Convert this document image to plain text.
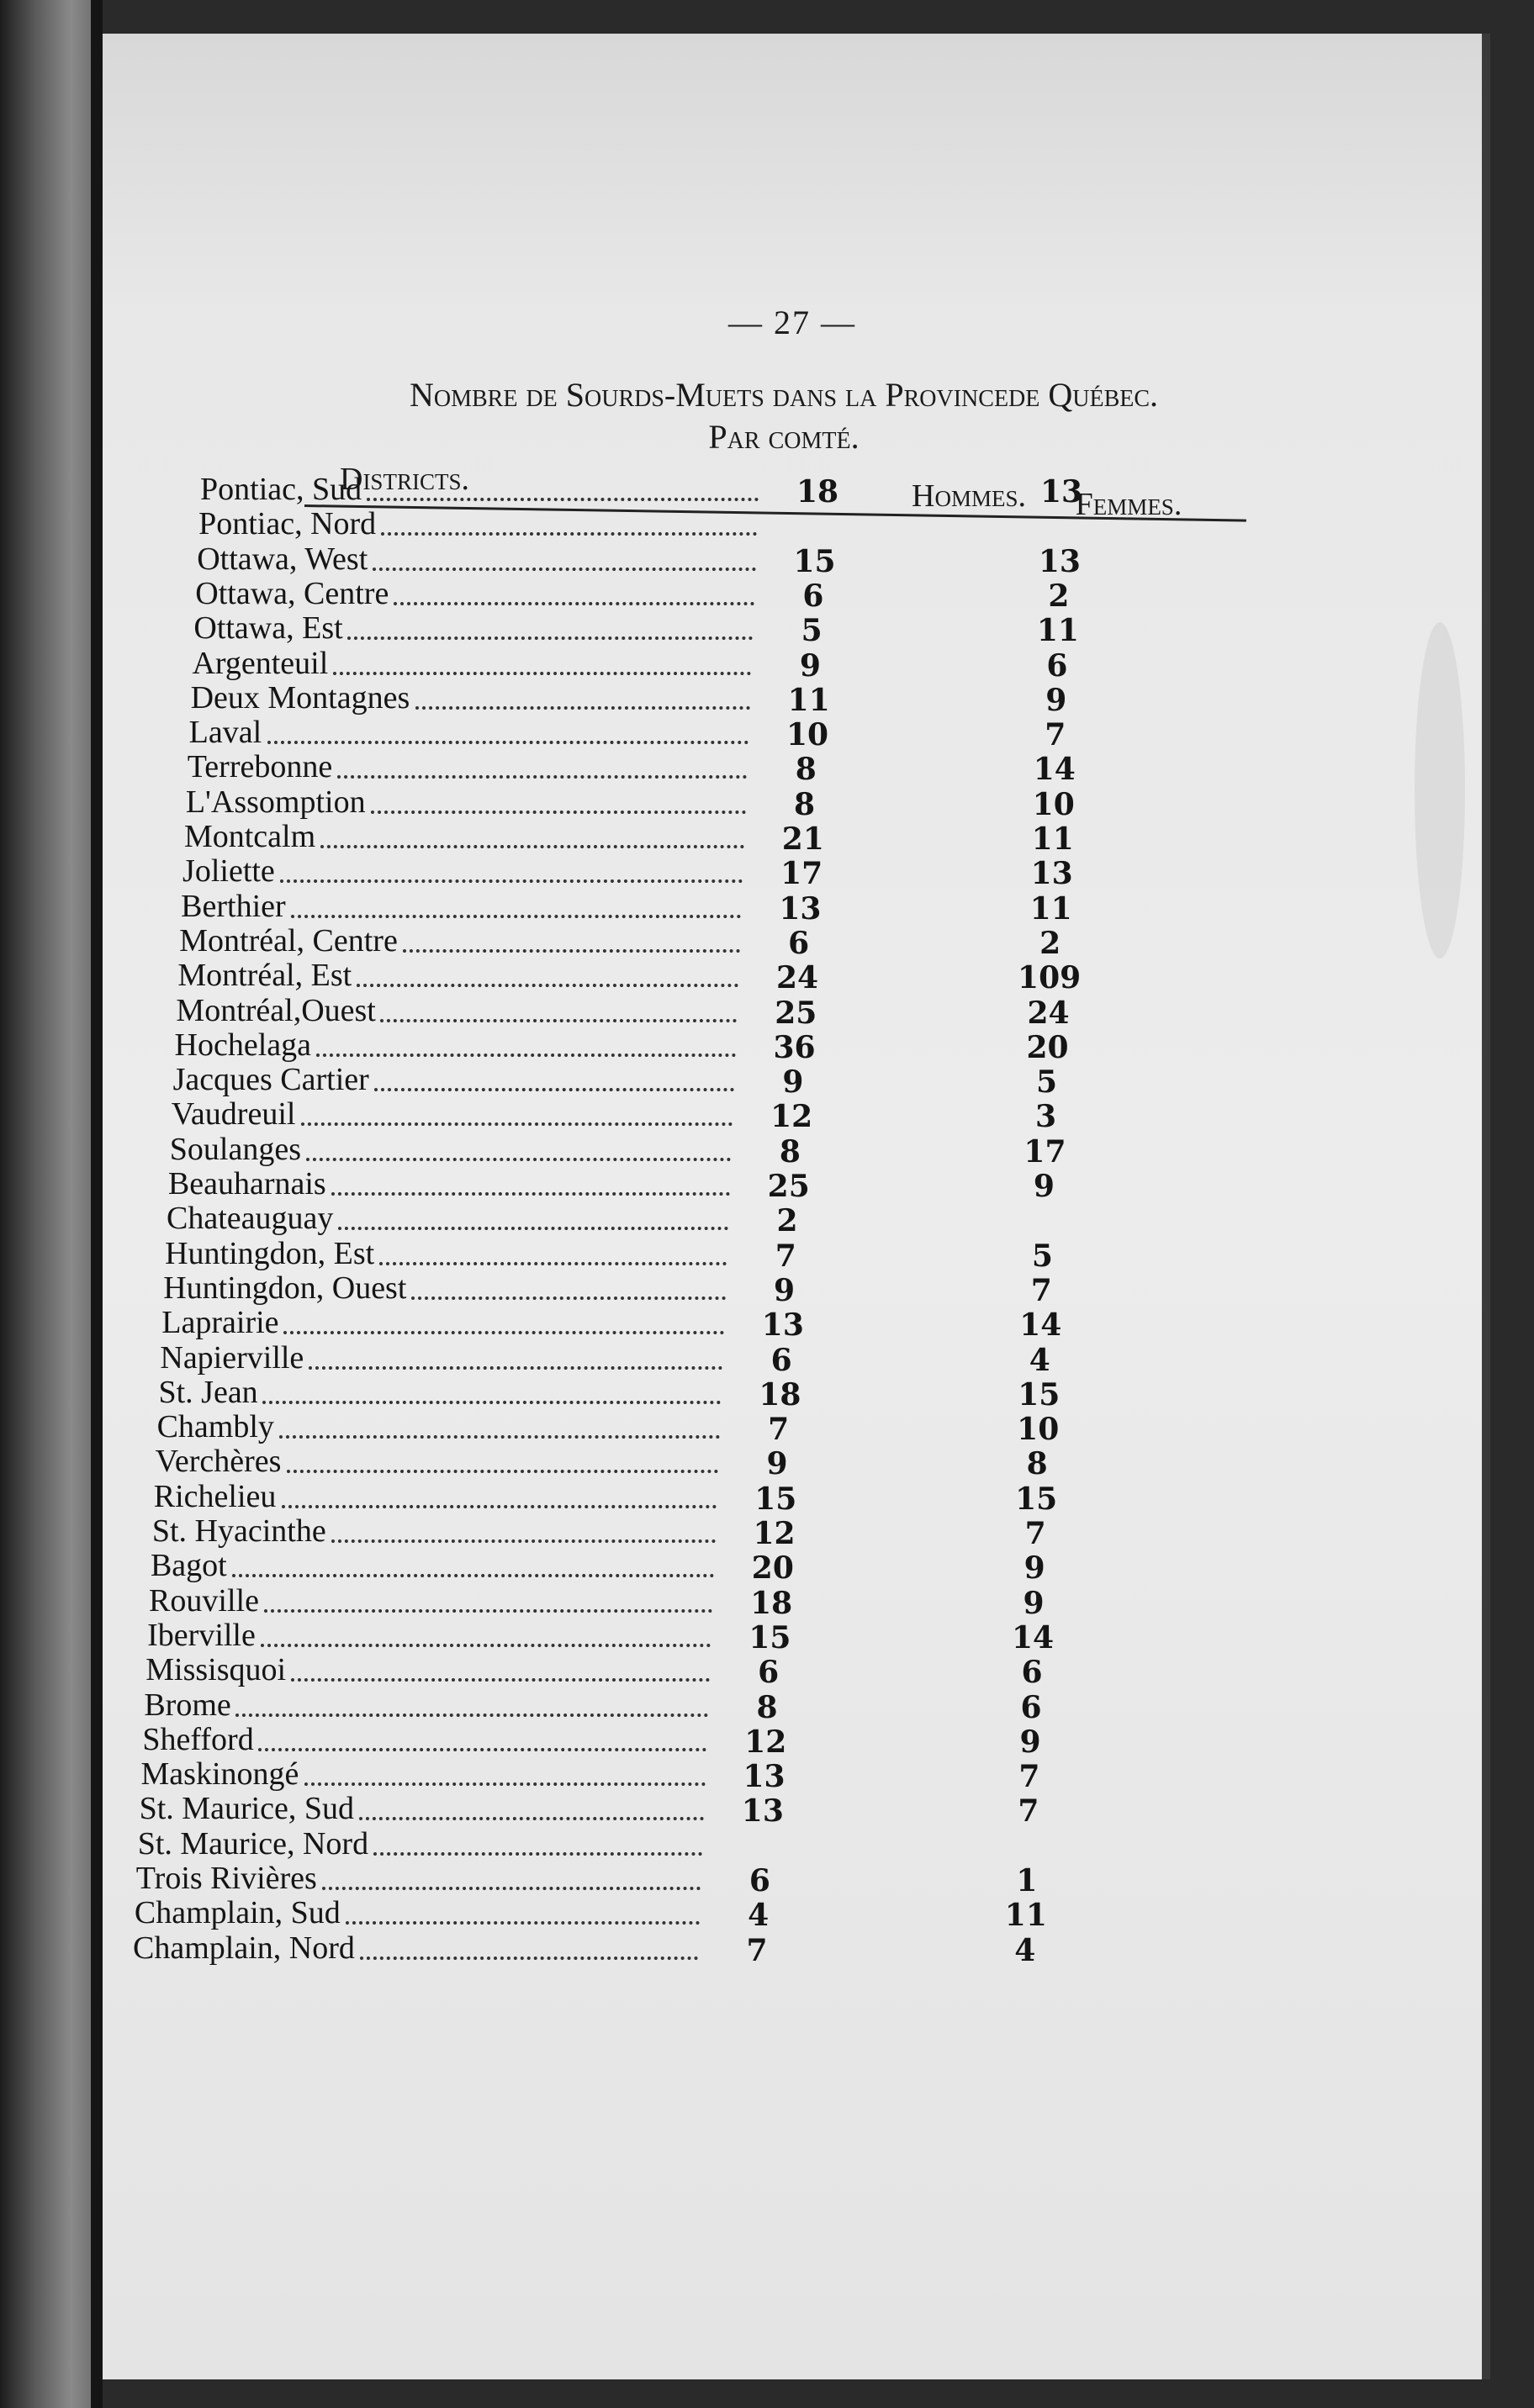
— 27 —
Nombre de Sourds-Muets dans la Provincede Québec.
Par comté.
Districts.	Hommes.	Femmes.
Pontiac, Sud	18	13
Pontiac, Nord
Ottawa, West	15	13
Ottawa, Centre	6	2
Ottawa, Est	5	11
Argenteuil	9	6
Deux Montagnes	11	9
Laval	10	7
Terrebonne	8	14
L'Assomption	8	10
Montcalm	21	11
Joliette	17	13
Berthier	13	11
Montréal, Centre	6	2
Montréal, Est	24	109
Montréal,Ouest	25	24
Hochelaga	36	20
Jacques Cartier	9	5
Vaudreuil	12	3
Soulanges	8	17
Beauharnais	25	9
Chateauguay	2
Huntingdon, Est	7	5
Huntingdon, Ouest	9	7
Laprairie	13	14
Napierville	6	4
St. Jean	18	15
Chambly	7	10
Verchères	9	8
Richelieu	15	15
St. Hyacinthe	12	7
Bagot	20	9
Rouville	18	9
Iberville	15	14
Missisquoi	6	6
Brome	8	6
Shefford	12	9
Maskinongé	13	7
St. Maurice, Sud	13	7
St. Maurice, Nord
Trois Rivières	6	1
Champlain, Sud	4	11
Champlain, Nord	7	4
